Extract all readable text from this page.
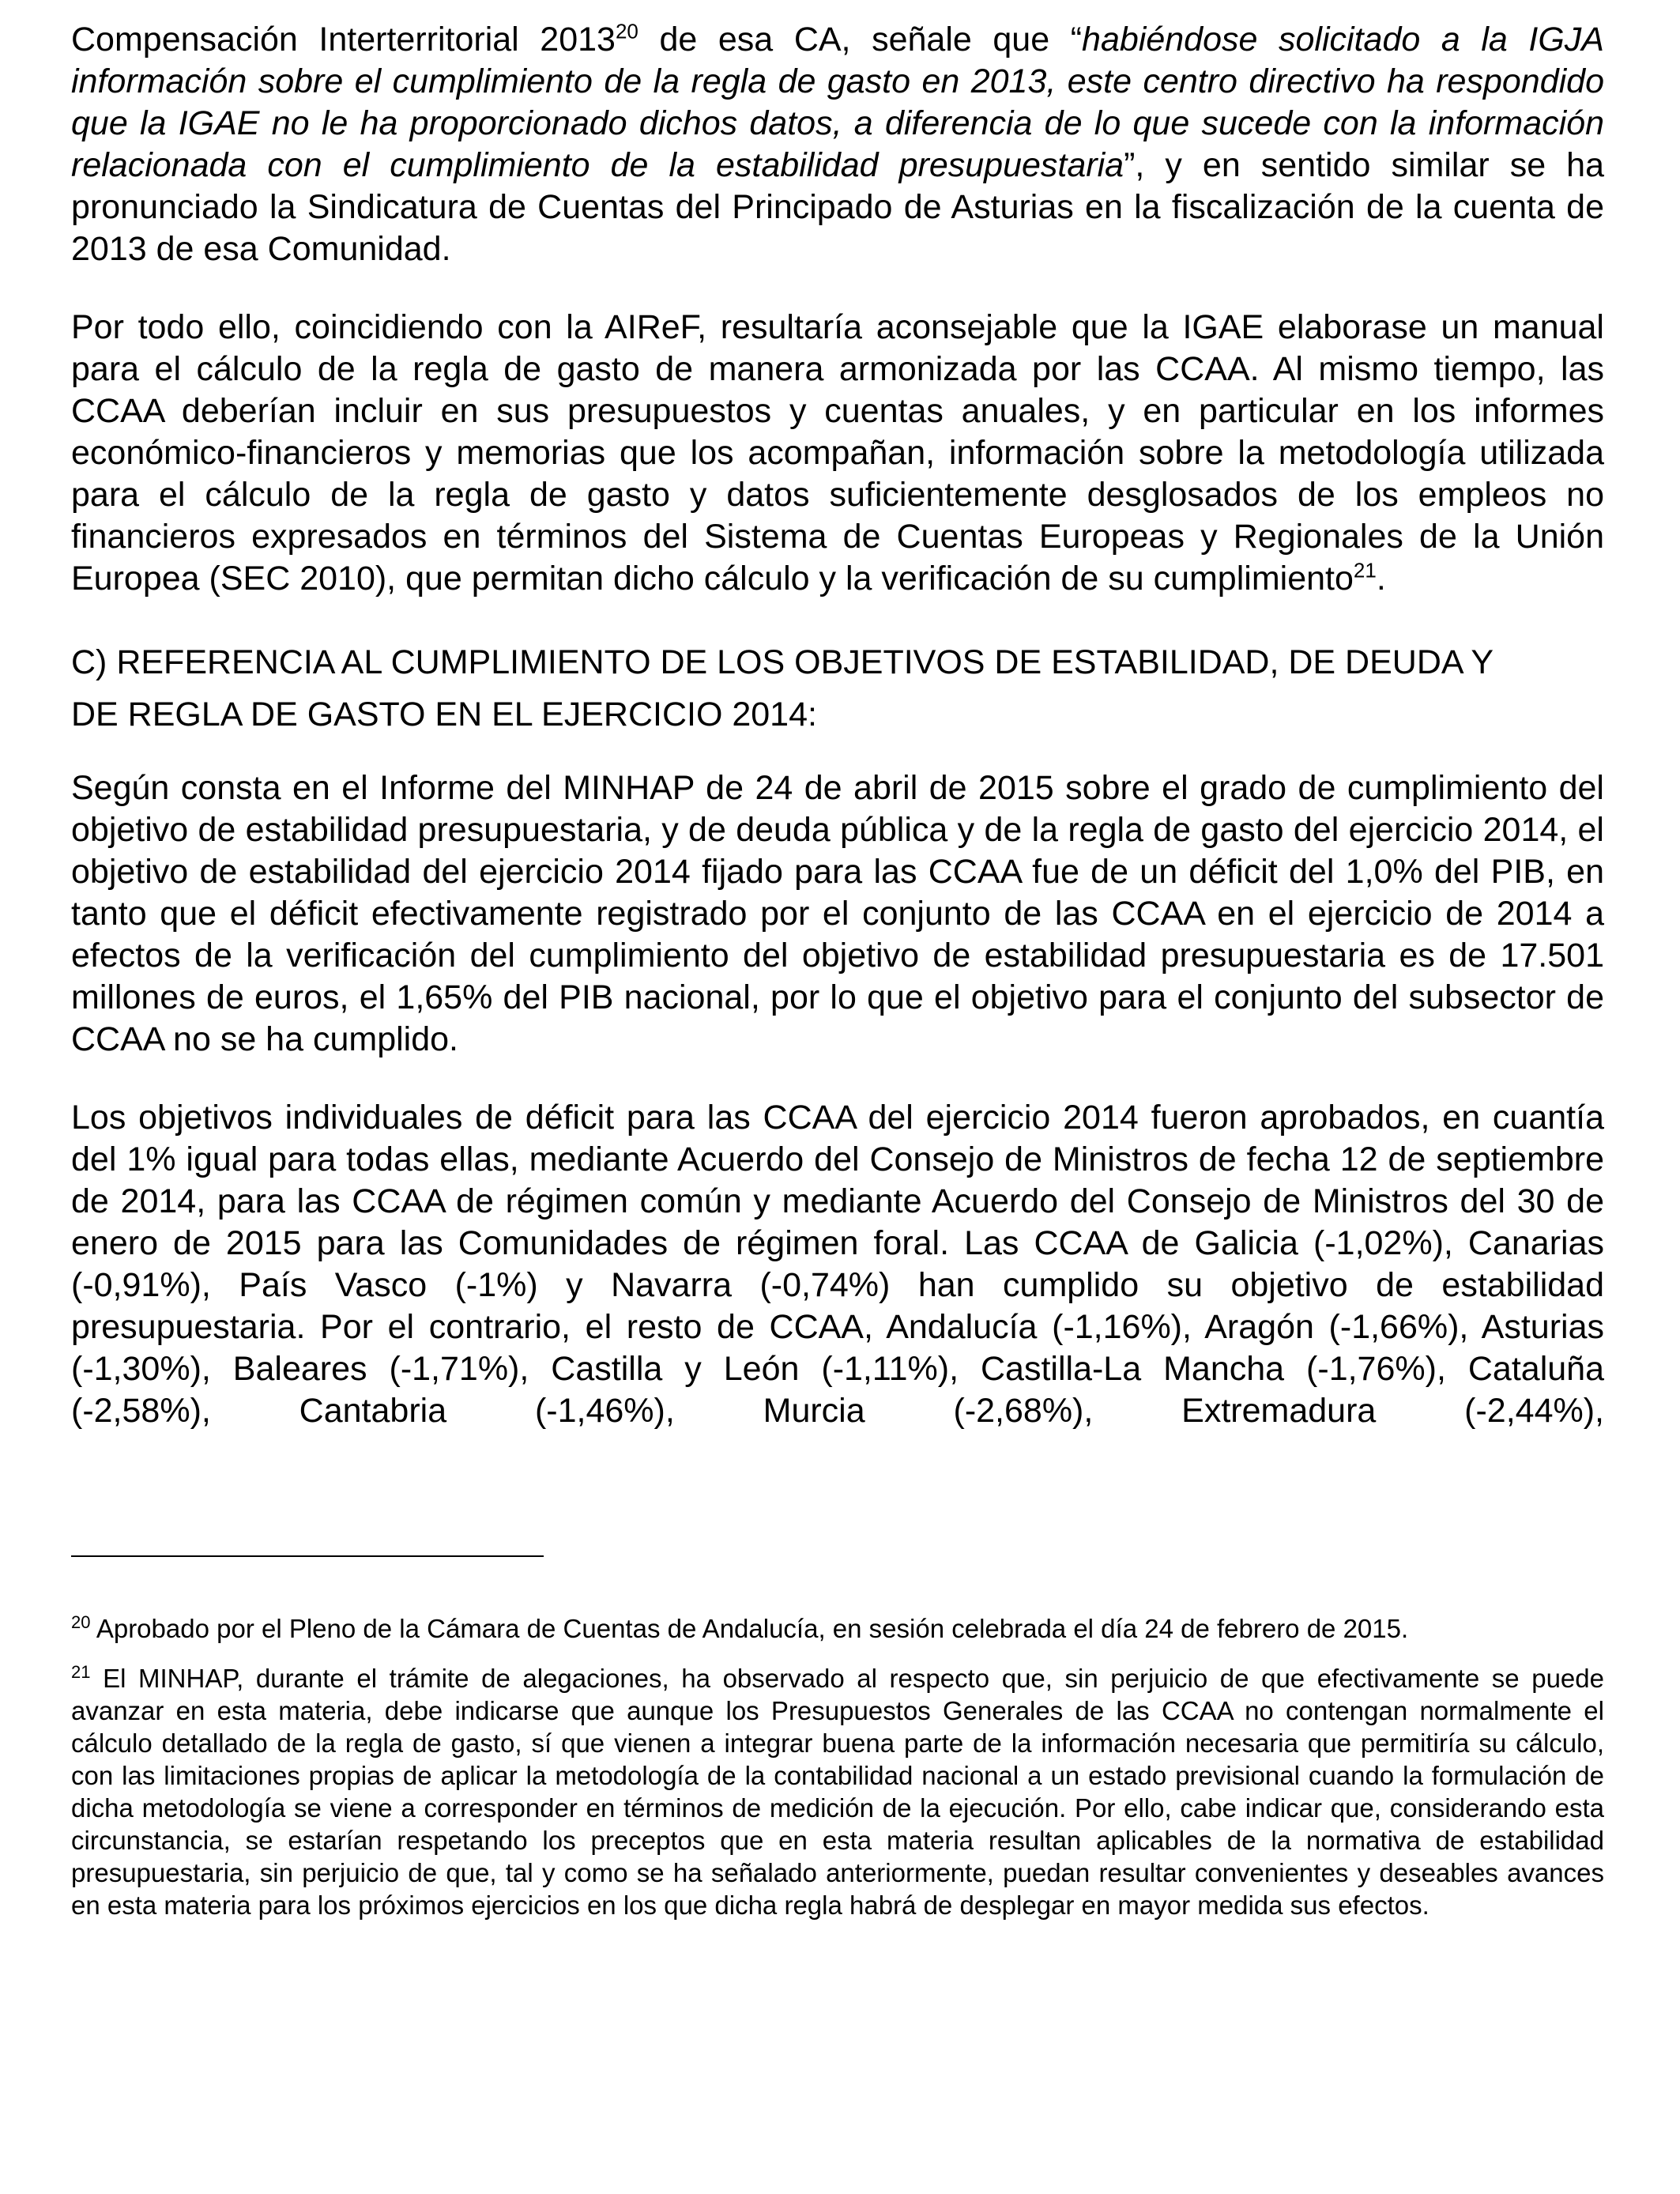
Compensación Interterritorial 2013$^{20}$ de esa CA, señale que “habiéndose solicitado a la IGJA información sobre el cumplimiento de la regla de gasto en 2013, este centro directivo ha respondido que la IGAE no le ha proporcionado dichos datos, a diferencia de lo que sucede con la información relacionada con el cumplimiento de la estabilidad presupuestaria”, y en sentido similar se ha pronunciado la Sindicatura de Cuentas del Principado de Asturias en la fiscalización de la cuenta de 2013 de esa Comunidad.

Por todo ello, coincidiendo con la AIReF, resultaría aconsejable que la IGAE elaborase un manual para el cálculo de la regla de gasto de manera armonizada por las CCAA. Al mismo tiempo, las CCAA deberían incluir en sus presupuestos y cuentas anuales, y en particular en los informes económico-financieros y memorias que los acompañan, información sobre la metodología utilizada para el cálculo de la regla de gasto y datos suficientemente desglosados de los empleos no financieros expresados en términos del Sistema de Cuentas Europeas y Regionales de la Unión Europea (SEC 2010), que permitan dicho cálculo y la verificación de su cumplimiento$^{21}$.

C) REFERENCIA AL CUMPLIMIENTO DE LOS OBJETIVOS DE ESTABILIDAD, DE DEUDA Y
DE REGLA DE GASTO EN EL EJERCICIO 2014:

Según consta en el Informe del MINHAP de 24 de abril de 2015 sobre el grado de cumplimiento del objetivo de estabilidad presupuestaria, y de deuda pública y de la regla de gasto del ejercicio 2014, el objetivo de estabilidad del ejercicio 2014 fijado para las CCAA fue de un déficit del 1,0% del PIB, en tanto que el déficit efectivamente registrado por el conjunto de las CCAA en el ejercicio de 2014 a efectos de la verificación del cumplimiento del objetivo de estabilidad presupuestaria es de 17.501 millones de euros, el 1,65% del PIB nacional, por lo que el objetivo para el conjunto del subsector de CCAA no se ha cumplido.

Los objetivos individuales de déficit para las CCAA del ejercicio 2014 fueron aprobados, en cuantía del 1% igual para todas ellas, mediante Acuerdo del Consejo de Ministros de fecha 12 de septiembre de 2014, para las CCAA de régimen común y mediante Acuerdo del Consejo de Ministros del 30 de enero de 2015 para las Comunidades de régimen foral. Las CCAA de Galicia (-1,02%), Canarias (-0,91%), País Vasco (-1%) y Navarra (-0,74%) han cumplido su objetivo de estabilidad presupuestaria. Por el contrario, el resto de CCAA, Andalucía (-1,16%), Aragón (-1,66%), Asturias (-1,30%), Baleares (-1,71%), Castilla y León (-1,11%), Castilla-La Mancha (-1,76%), Cataluña (-2,58%), Cantabria (-1,46%), Murcia (-2,68%), Extremadura (-2,44%),

$^{20}$ Aprobado por el Pleno de la Cámara de Cuentas de Andalucía, en sesión celebrada el día 24 de febrero de 2015.

$^{21}$ El MINHAP, durante el trámite de alegaciones, ha observado al respecto que, sin perjuicio de que efectivamente se puede avanzar en esta materia, debe indicarse que aunque los Presupuestos Generales de las CCAA no contengan normalmente el cálculo detallado de la regla de gasto, sí que vienen a integrar buena parte de la información necesaria que permitiría su cálculo, con las limitaciones propias de aplicar la metodología de la contabilidad nacional a un estado previsional cuando la formulación de dicha metodología se viene a corresponder en términos de medición de la ejecución. Por ello, cabe indicar que, considerando esta circunstancia, se estarían respetando los preceptos que en esta materia resultan aplicables de la normativa de estabilidad presupuestaria, sin perjuicio de que, tal y como se ha señalado anteriormente, puedan resultar convenientes y deseables avances en esta materia para los próximos ejercicios en los que dicha regla habrá de desplegar en mayor medida sus efectos.
